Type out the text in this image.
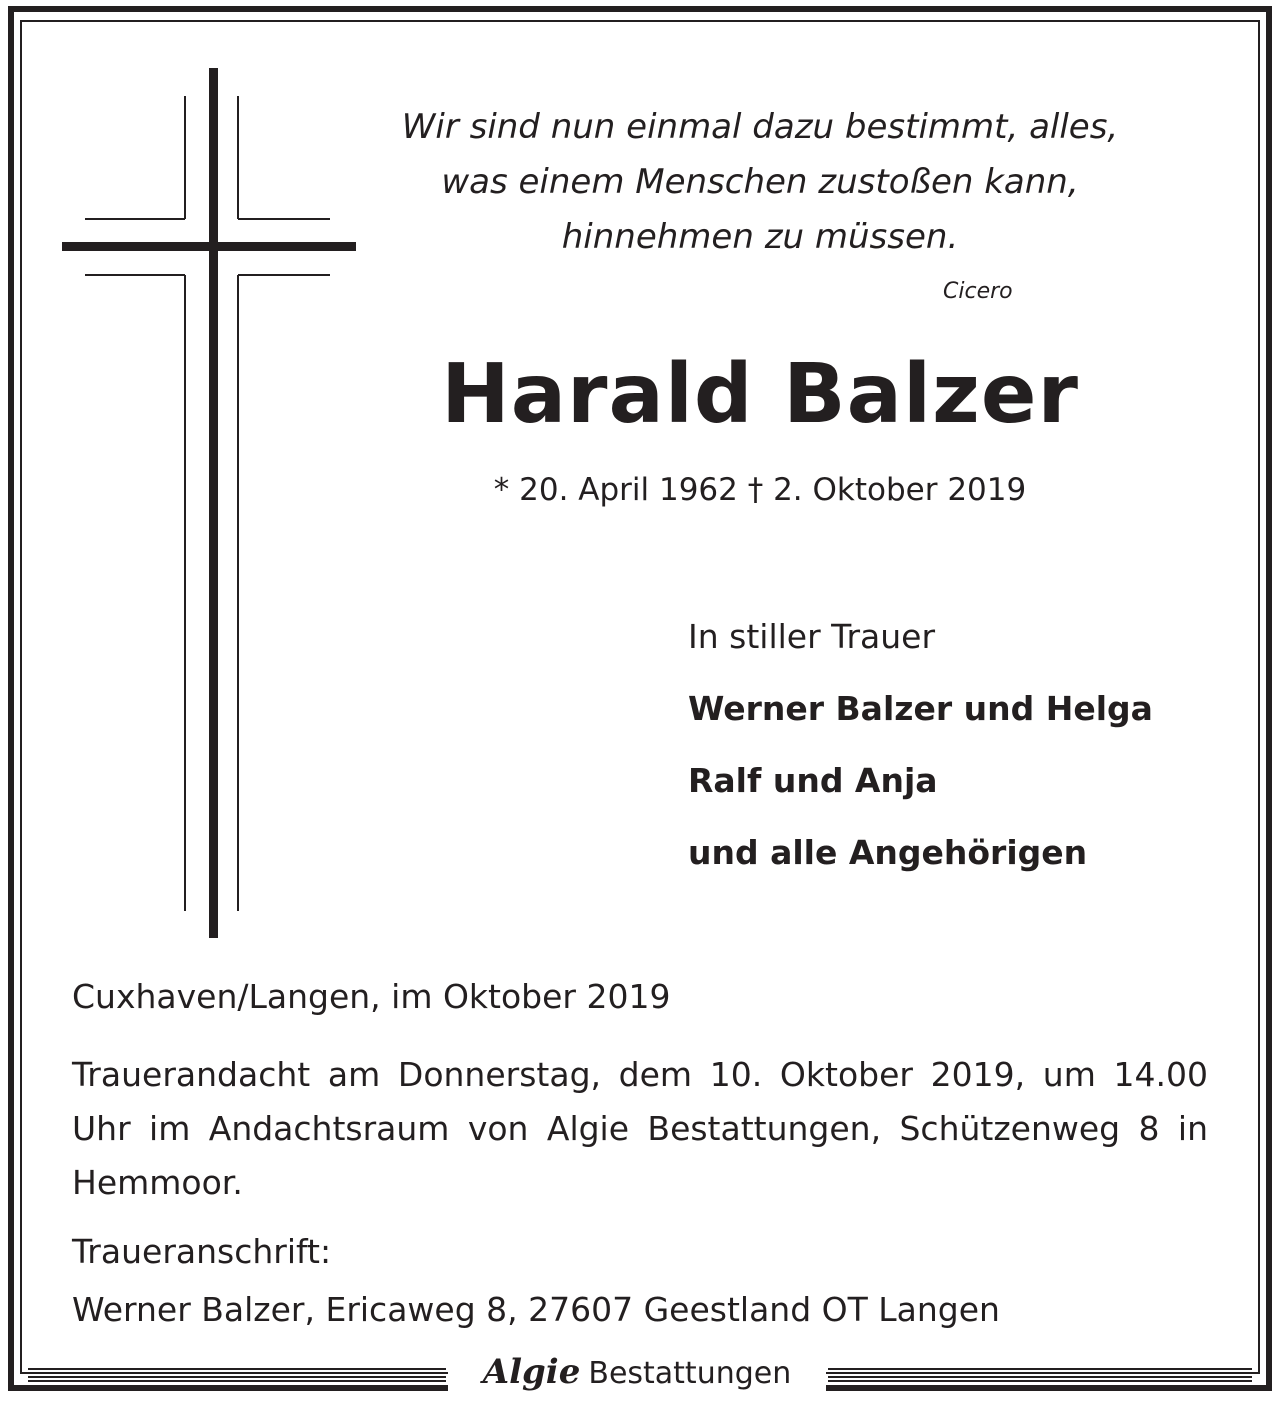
Wir sind nun einmal dazu bestimmt, alles,
was einem Menschen zustoßen kann,
hinnehmen zu müssen.
Cicero
Harald Balzer
* 20. April 1962 † 2. Oktober 2019
In stiller Trauer
Werner Balzer und Helga
Ralf und Anja
und alle Angehörigen
Cuxhaven/Langen, im Oktober 2019
Trauerandacht am Donnerstag, dem 10. Oktober 2019, um 14.00 Uhr im Andachtsraum von Algie Bestattungen, Schützenweg 8 in Hemmoor.
Traueranschrift:
Werner Balzer, Ericaweg 8, 27607 Geestland OT Langen
Algie Bestattungen
